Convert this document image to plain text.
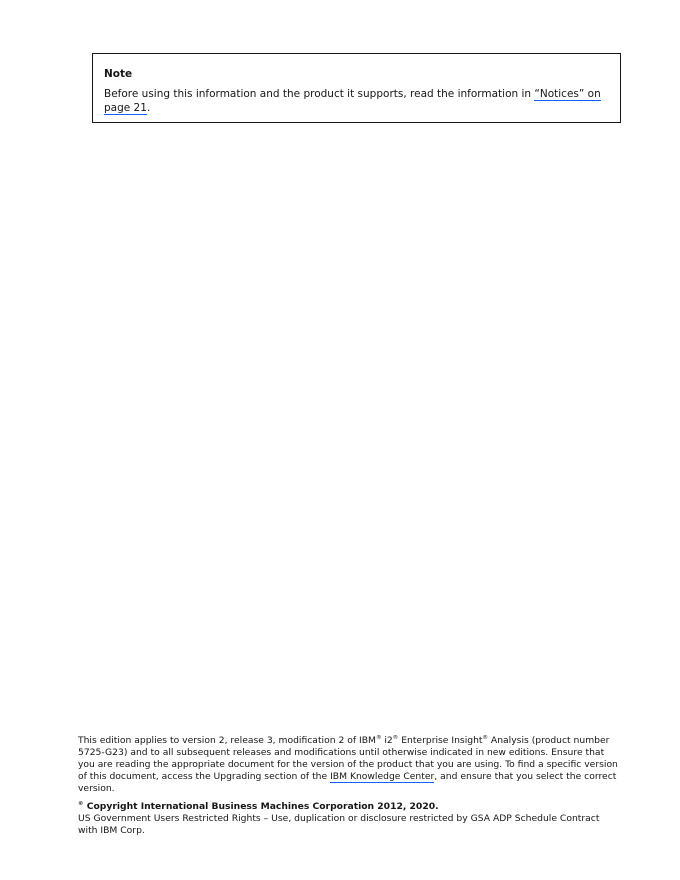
Note

Before using this information and the product it supports, read the information in “Notices” on page 21.

This edition applies to version 2, release 3, modification 2 of IBM® i2® Enterprise Insight® Analysis (product number 5725-G23) and to all subsequent releases and modifications until otherwise indicated in new editions. Ensure that you are reading the appropriate document for the version of the product that you are using. To find a specific version of this document, access the Upgrading section of the IBM Knowledge Center, and ensure that you select the correct version.

© Copyright International Business Machines Corporation 2012, 2020.

US Government Users Restricted Rights – Use, duplication or disclosure restricted by GSA ADP Schedule Contract with IBM Corp.
